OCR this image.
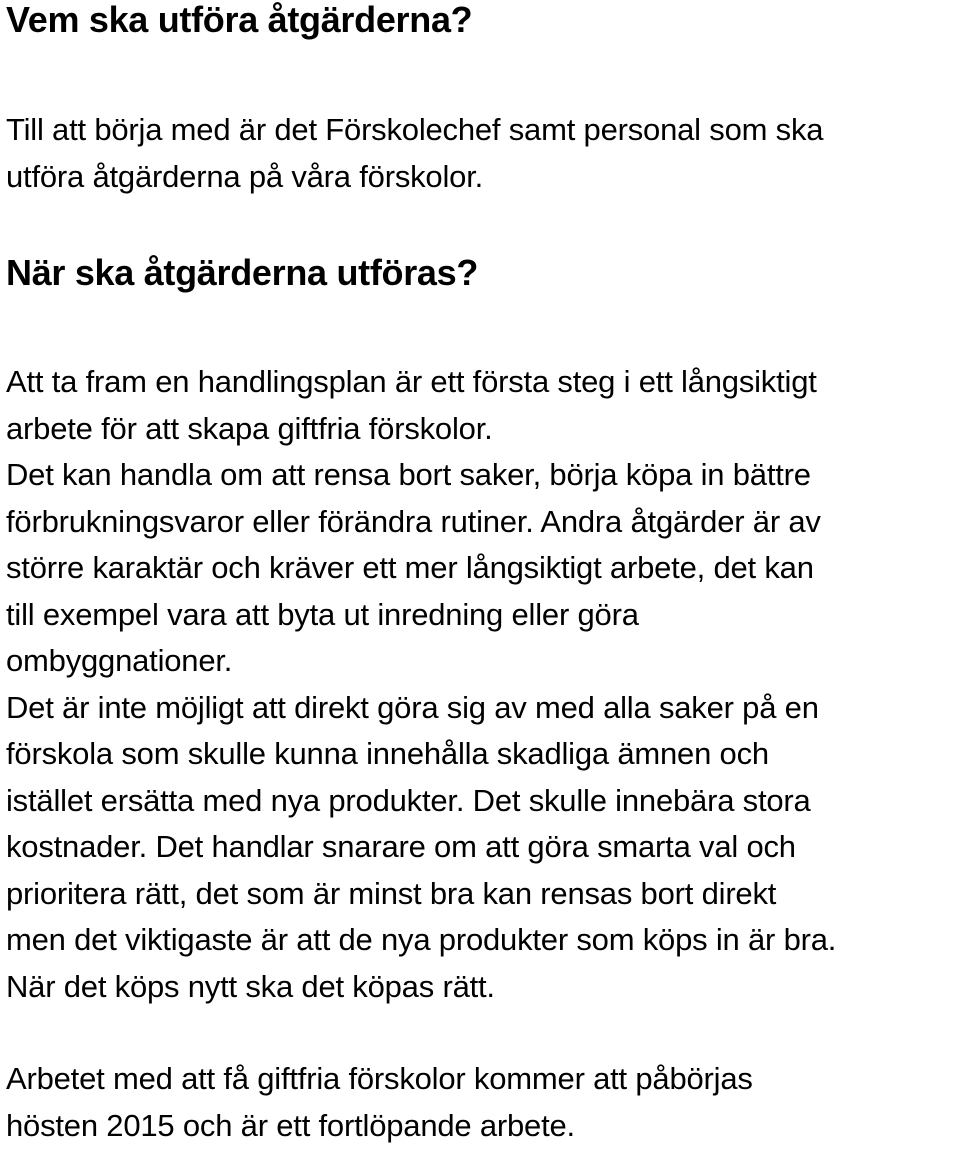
Vem ska utföra åtgärderna?

Till att börja med är det Förskolechef samt personal som ska
utföra åtgärderna på våra förskolor.

När ska åtgärderna utföras?

Att ta fram en handlingsplan är ett första steg i ett långsiktigt
arbete för att skapa giftfria förskolor.
Det kan handla om att rensa bort saker, börja köpa in bättre
förbrukningsvaror eller förändra rutiner. Andra åtgärder är av
större karaktär och kräver ett mer långsiktigt arbete, det kan
till exempel vara att byta ut inredning eller göra
ombyggnationer.
Det är inte möjligt att direkt göra sig av med alla saker på en
förskola som skulle kunna innehålla skadliga ämnen och
istället ersätta med nya produkter. Det skulle innebära stora
kostnader. Det handlar snarare om att göra smarta val och
prioritera rätt, det som är minst bra kan rensas bort direkt
men det viktigaste är att de nya produkter som köps in är bra.
När det köps nytt ska det köpas rätt.

Arbetet med att få giftfria förskolor kommer att påbörjas
hösten 2015 och är ett fortlöpande arbete.
